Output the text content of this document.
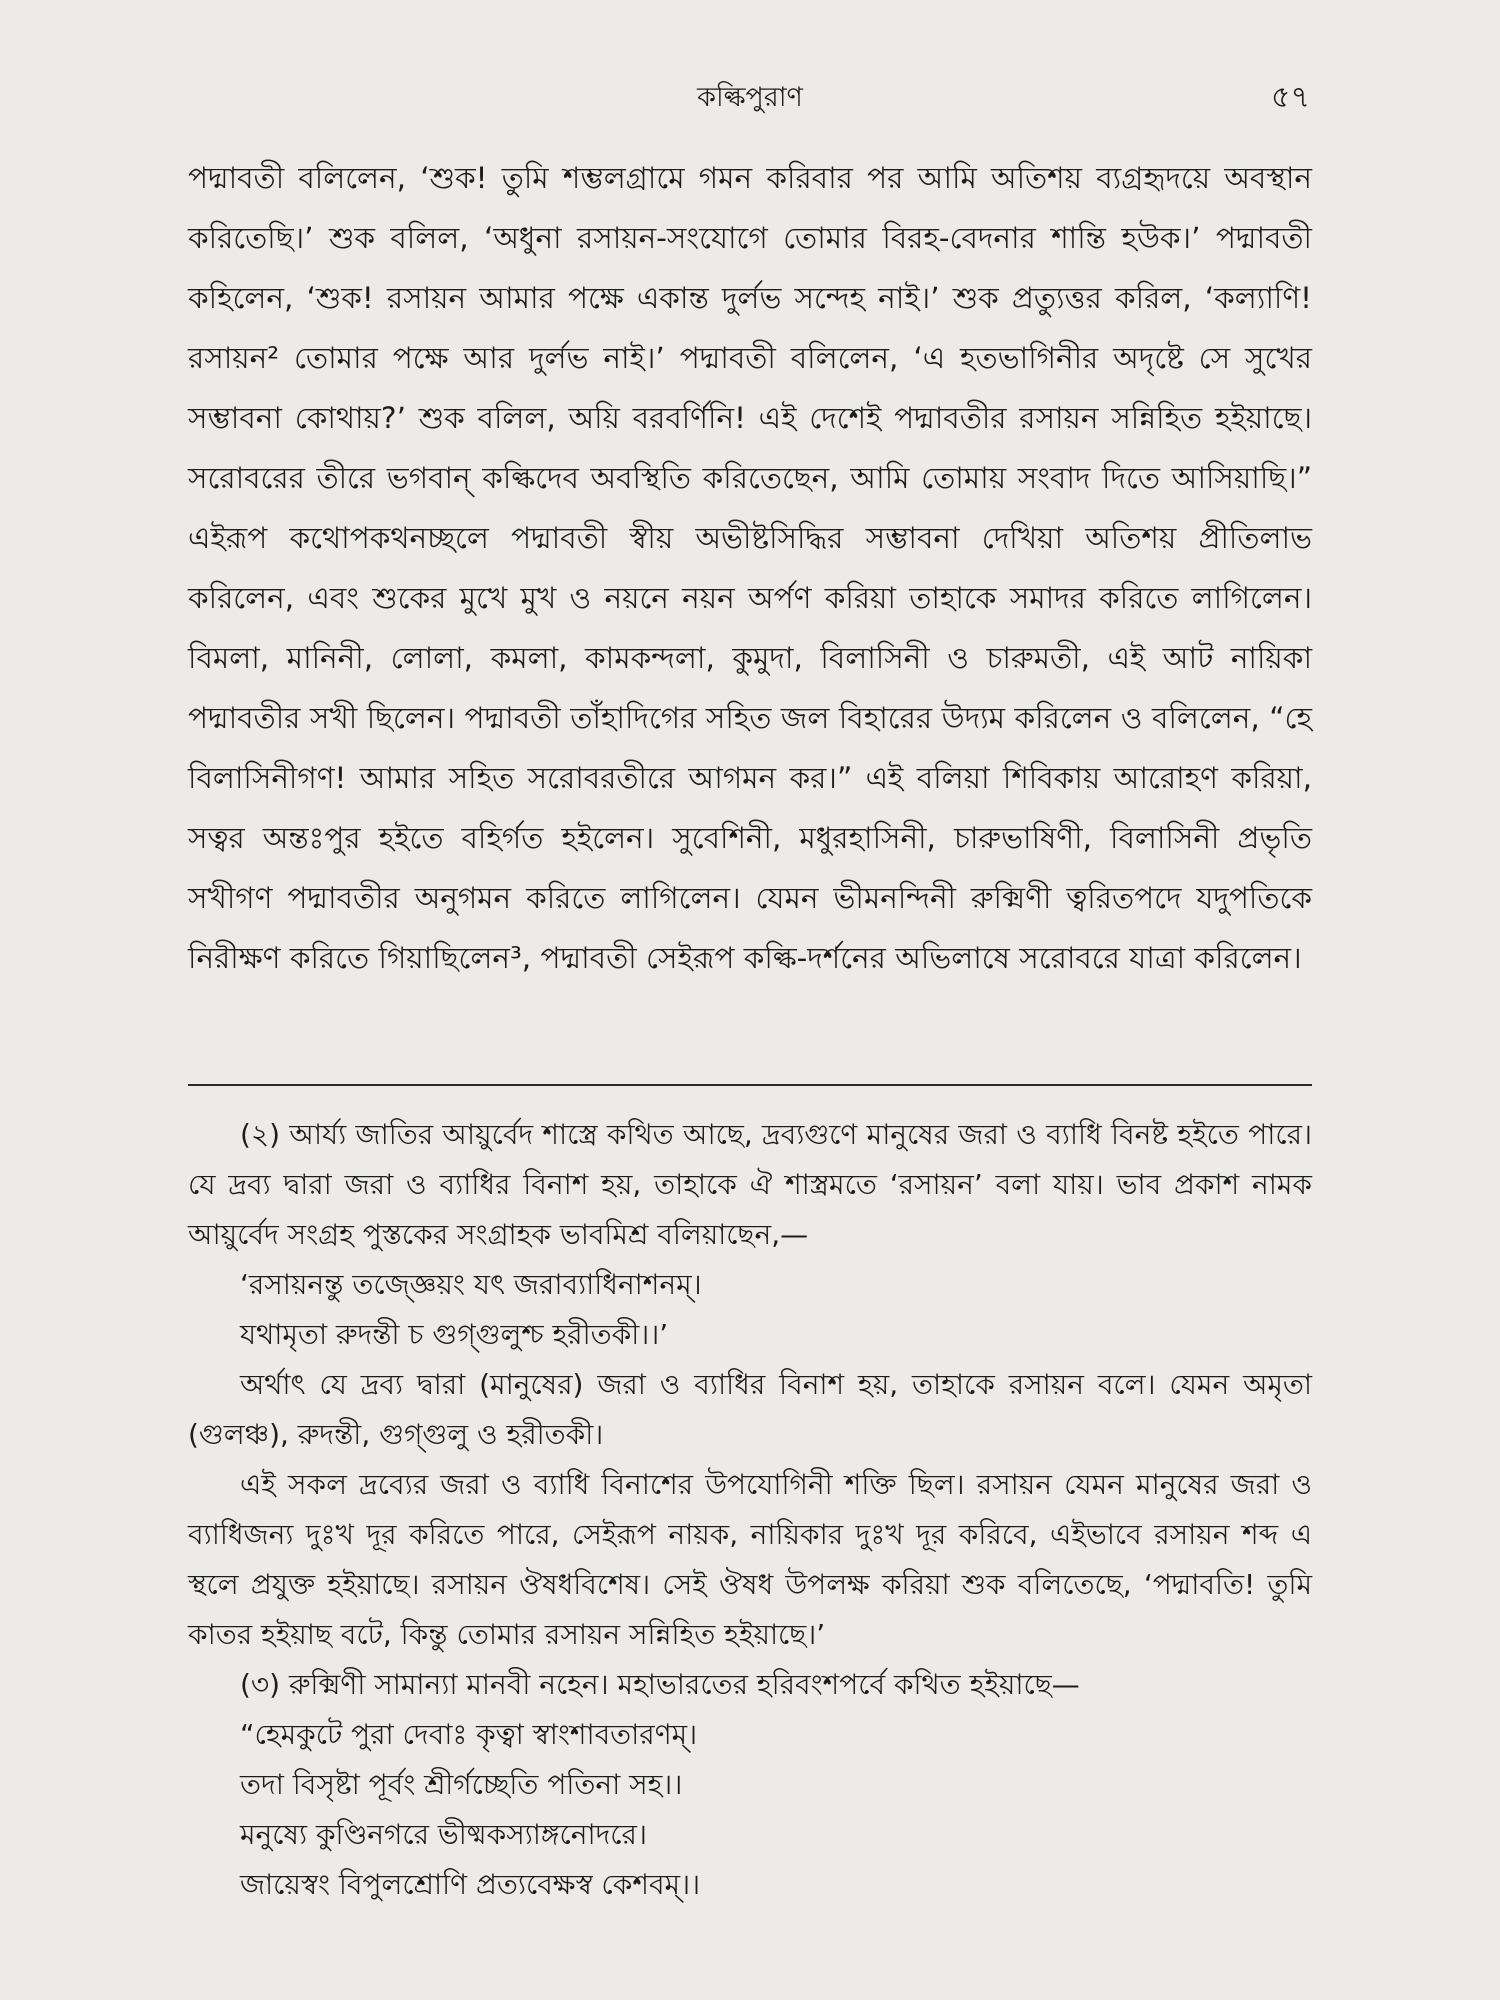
কল্কিপুরাণ	৫৭

পদ্মাবতী বলিলেন, ‘শুক! তুমি শম্ভলগ্রামে গমন করিবার পর আমি অতিশয় ব্যগ্রহৃদয়ে অবস্থান করিতেছি।’ শুক বলিল, ‘অধুনা রসায়ন-সংযোগে তোমার বিরহ-বেদনার শান্তি হউক।’ পদ্মাবতী কহিলেন, ‘শুক! রসায়ন আমার পক্ষে একান্ত দুর্লভ সন্দেহ নাই।’ শুক প্রত্যুত্তর করিল, ‘কল্যাণি! রসায়ন² তোমার পক্ষে আর দুর্লভ নাই।’ পদ্মাবতী বলিলেন, ‘এ হতভাগিনীর অদৃষ্টে সে সুখের সম্ভাবনা কোথায়?’ শুক বলিল, অয়ি বরবর্ণিনি! এই দেশেই পদ্মাবতীর রসায়ন সন্নিহিত হইয়াছে। সরোবরের তীরে ভগবান্ কল্কিদেব অবস্থিতি করিতেছেন, আমি তোমায় সংবাদ দিতে আসিয়াছি।” এইরূপ কথোপকথনচ্ছলে পদ্মাবতী স্বীয় অভীষ্টসিদ্ধির সম্ভাবনা দেখিয়া অতিশয় প্রীতিলাভ করিলেন, এবং শুকের মুখে মুখ ও নয়নে নয়ন অর্পণ করিয়া তাহাকে সমাদর করিতে লাগিলেন। বিমলা, মানিনী, লোলা, কমলা, কামকন্দলা, কুমুদা, বিলাসিনী ও চারুমতী, এই আট নায়িকা পদ্মাবতীর সখী ছিলেন। পদ্মাবতী তাঁহাদিগের সহিত জল বিহারের উদ্যম করিলেন ও বলিলেন, “হে বিলাসিনীগণ! আমার সহিত সরোবরতীরে আগমন কর।” এই বলিয়া শিবিকায় আরোহণ করিয়া, সত্বর অন্তঃপুর হইতে বহির্গত হইলেন। সুবেশিনী, মধুরহাসিনী, চারুভাষিণী, বিলাসিনী প্রভৃতি সখীগণ পদ্মাবতীর অনুগমন করিতে লাগিলেন। যেমন ভীমনন্দিনী রুক্মিণী ত্বরিতপদে যদুপতিকে নিরীক্ষণ করিতে গিয়াছিলেন³, পদ্মাবতী সেইরূপ কল্কি-দর্শনের অভিলাষে সরোবরে যাত্রা করিলেন।

(২) আর্য্য জাতির আয়ুর্বেদ শাস্ত্রে কথিত আছে, দ্রব্যগুণে মানুষের জরা ও ব্যাধি বিনষ্ট হইতে পারে। যে দ্রব্য দ্বারা জরা ও ব্যাধির বিনাশ হয়, তাহাকে ঐ শাস্ত্রমতে ‘রসায়ন’ বলা যায়। ভাব প্রকাশ নামক আয়ুর্বেদ সংগ্রহ পুস্তকের সংগ্রাহক ভাবমিশ্র বলিয়াছেন,—

‘রসায়নন্তু তজ্জ্ঞেয়ং যৎ জরাব্যাধিনাশনম্।

যথামৃতা রুদন্তী চ গুগ্গুলুশ্চ হরীতকী।।’

অর্থাৎ যে দ্রব্য দ্বারা (মানুষের) জরা ও ব্যাধির বিনাশ হয়, তাহাকে রসায়ন বলে। যেমন অমৃতা (গুলঞ্চ), রুদন্তী, গুগ্গুলু ও হরীতকী।

এই সকল দ্রব্যের জরা ও ব্যাধি বিনাশের উপযোগিনী শক্তি ছিল। রসায়ন যেমন মানুষের জরা ও ব্যাধিজন্য দুঃখ দূর করিতে পারে, সেইরূপ নায়ক, নায়িকার দুঃখ দূর করিবে, এইভাবে রসায়ন শব্দ এ স্থলে প্রযুক্ত হইয়াছে। রসায়ন ঔষধবিশেষ। সেই ঔষধ উপলক্ষ করিয়া শুক বলিতেছে, ‘পদ্মাবতি! তুমি কাতর হইয়াছ বটে, কিন্তু তোমার রসায়ন সন্নিহিত হইয়াছে।’

(৩) রুক্মিণী সামান্যা মানবী নহেন। মহাভারতের হরিবংশপর্বে কথিত হইয়াছে—

“হেমকুটে পুরা দেবাঃ কৃত্বা স্বাংশাবতারণম্।

তদা বিসৃষ্টা পূর্বং শ্রীর্গচ্ছেতি পতিনা সহ।।

মনুষ্যে কুণ্ডিনগরে ভীষ্মকস্যাঙ্গনোদরে।

জায়েস্বং বিপুলশ্রোণি প্রত্যবেক্ষস্ব কেশবম্।।
